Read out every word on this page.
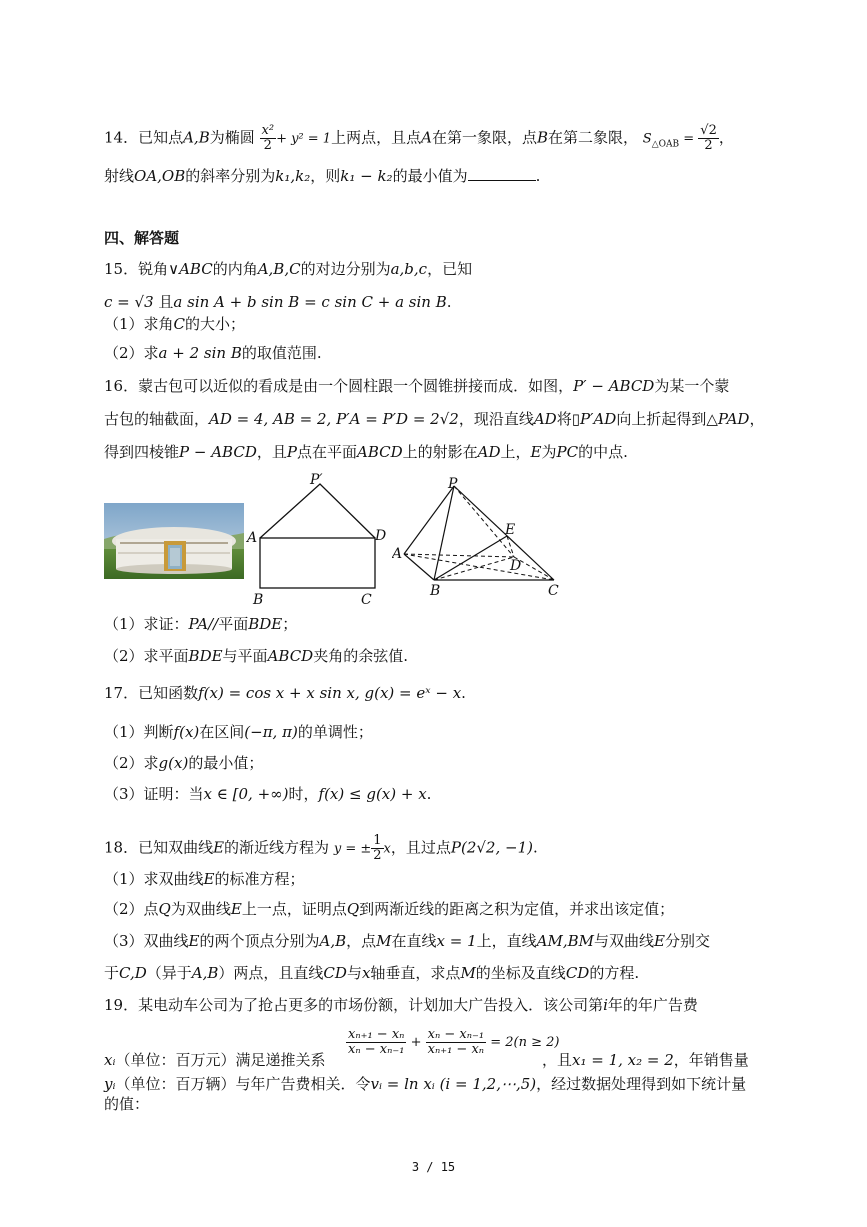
14．已知点A,B为椭圆 $\frac{\text{x²}}{2} + y^2 = 1$上两点，且点A在第一象限，点B在第二象限， $S_{\triangle OAB} = \frac{√2}{2}$ ，
射线OA,OB的斜率分别为k₁,k₂，则k₁ − k₂的最小值为	.
四、解答题
15．锐角∨ABC的内角A,B,C的对边分别为a,b,c，已知
c = √3 且a sin A + b sin B = c sin C + a sin B.
（1）求角C的大小；
（2）求a + 2 sin B的取值范围.
16．蒙古包可以近似的看成是由一个圆柱跟一个圆锥拼接而成．如图，P′ − ABCD为某一个蒙
古包的轴截面，AD = 4, AB = 2, P′A = P′D = 2√2，现沿直线AD将▯P′AD向上折起得到△PAD，
得到四棱锥P − ABCD，且P点在平面ABCD上的射影在AD上，E为PC的中点.
P′
A	D
B	C
P
E
A
D
B	C
（1）求证：PA//平面BDE；
（2）求平面BDE与平面ABCD夹角的余弦值.
17．已知函数f(x) = cos x + x sin x, g(x) = eˣ − x.
（1）判断f(x)在区间(−π, π)的单调性；
（2）求g(x)的最小值；
（3）证明：当x ∈ [0, +∞)时，f(x) ≤ g(x) + x.
18．已知双曲线E的渐近线方程为 y = ± $\frac{1}{2}$ x，且过点P(2√2, −1).
（1）求双曲线E的标准方程；
（2）点Q为双曲线E上一点，证明点Q到两渐近线的距离之积为定值，并求出该定值；
（3）双曲线E的两个顶点分别为A,B，点M在直线x = 1上，直线AM,BM与双曲线E分别交
于C,D（异于A,B）两点，且直线CD与x轴垂直，求点M的坐标及直线CD的方程.
19．某电动车公司为了抢占更多的市场份额，计划加大广告投入．该公司第i年的年广告费
$\frac{\text{xₙ₊₁ − xₙ}}{\text{xₙ − xₙ₋₁}} + \frac{\text{xₙ − xₙ₋₁}}{\text{xₙ₊₁ − xₙ}} = 2(n \ge 2)$
xᵢ（单位：百万元）满足递推关系	，且x₁ = 1, x₂ = 2，年销售量
yᵢ（单位：百万辆）与年广告费相关．令vᵢ = ln xᵢ (i = 1,2,⋯,5)，经过数据处理得到如下统计量
的值：
3 / 15
